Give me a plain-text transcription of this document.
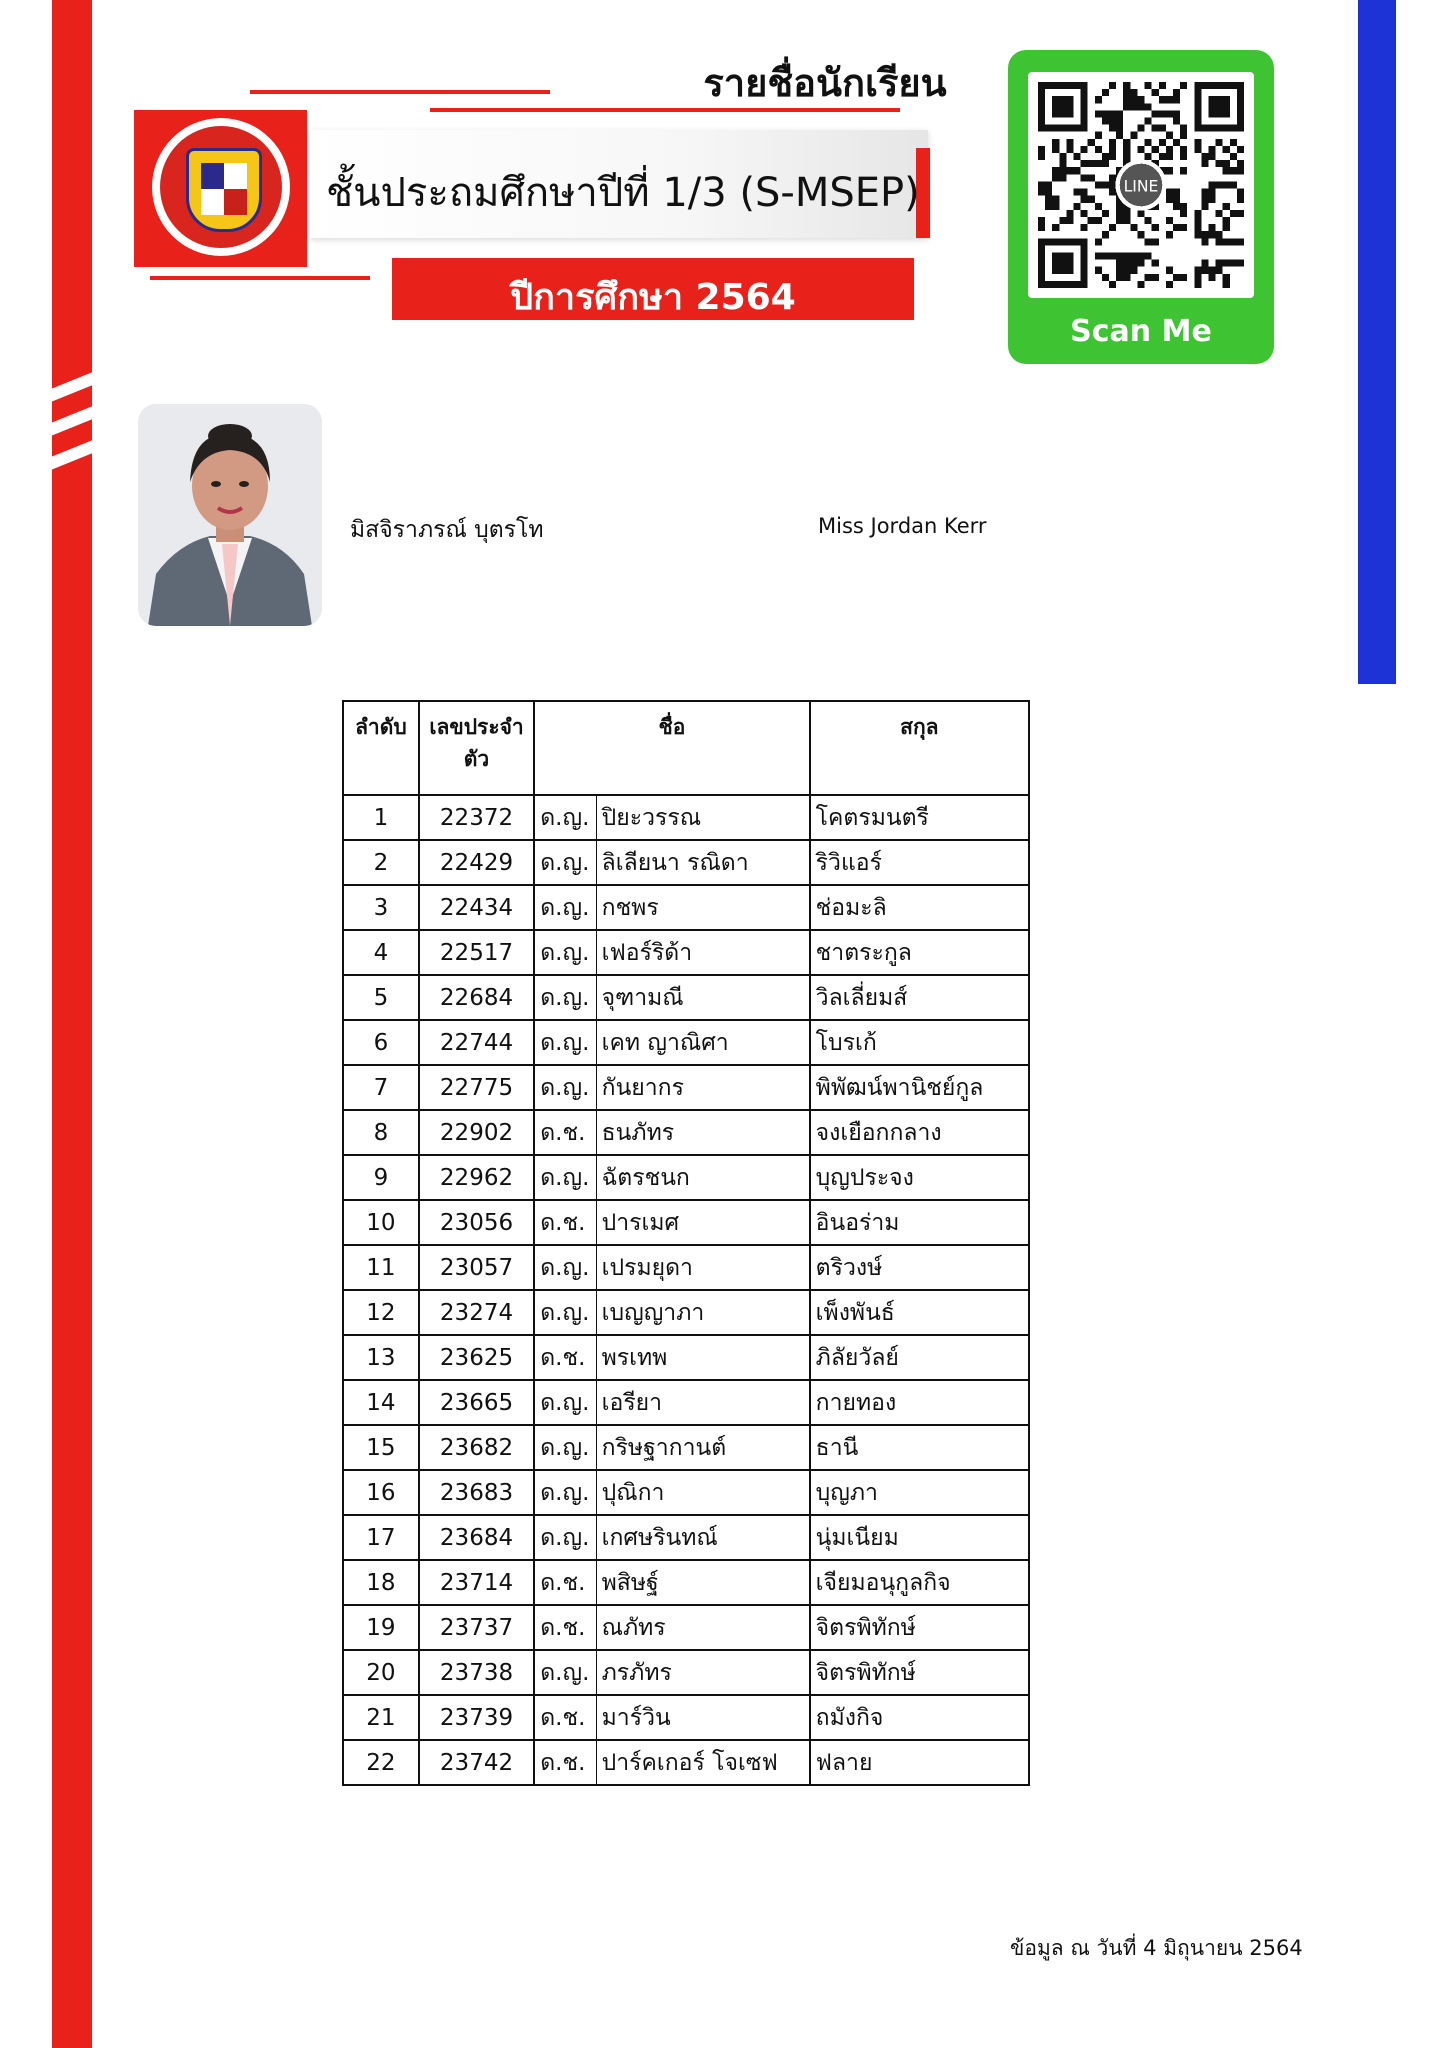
รายชื่อนักเรียน
ชั้นประถมศึกษาปีที่ 1/3 (S-MSEP)
ปีการศึกษา 2564
LINE
Scan Me
มิสจิราภรณ์ บุตรโท	Miss Jordan Kerr
ลำดับ	เลขประจำตัว	ชื่อ		สกุล
1	22372	ด.ญ.	ปิยะวรรณ	โคตรมนตรี
2	22429	ด.ญ.	ลิเลียนา รณิดา	ริวิแอร์
3	22434	ด.ญ.	กชพร	ช่อมะลิ
4	22517	ด.ญ.	เฟอร์ริด้า	ชาตระกูล
5	22684	ด.ญ.	จุฑามณี	วิลเลี่ยมส์
6	22744	ด.ญ.	เคท ญาณิศา	โบรเก้
7	22775	ด.ญ.	กันยากร	พิพัฒน์พานิชย์กูล
8	22902	ด.ช.	ธนภัทร	จงเยือกกลาง
9	22962	ด.ญ.	ฉัตรชนก	บุญประจง
10	23056	ด.ช.	ปารเมศ	อินอร่าม
11	23057	ด.ญ.	เปรมยุดา	ตริวงษ์
12	23274	ด.ญ.	เบญญาภา	เพ็งพันธ์
13	23625	ด.ช.	พรเทพ	ภิลัยวัลย์
14	23665	ด.ญ.	เอรียา	กายทอง
15	23682	ด.ญ.	กริษฐากานต์	ธานี
16	23683	ด.ญ.	ปุณิกา	บุญภา
17	23684	ด.ญ.	เกศษรินทณ์	นุ่มเนียม
18	23714	ด.ช.	พสิษฐ์	เจียมอนุกูลกิจ
19	23737	ด.ช.	ณภัทร	จิตรพิทักษ์
20	23738	ด.ญ.	ภรภัทร	จิตรพิทักษ์
21	23739	ด.ช.	มาร์วิน	ถมังกิจ
22	23742	ด.ช.	ปาร์คเกอร์ โจเซฟ	ฟลาย
ข้อมูล ณ วันที่ 4 มิถุนายน 2564
